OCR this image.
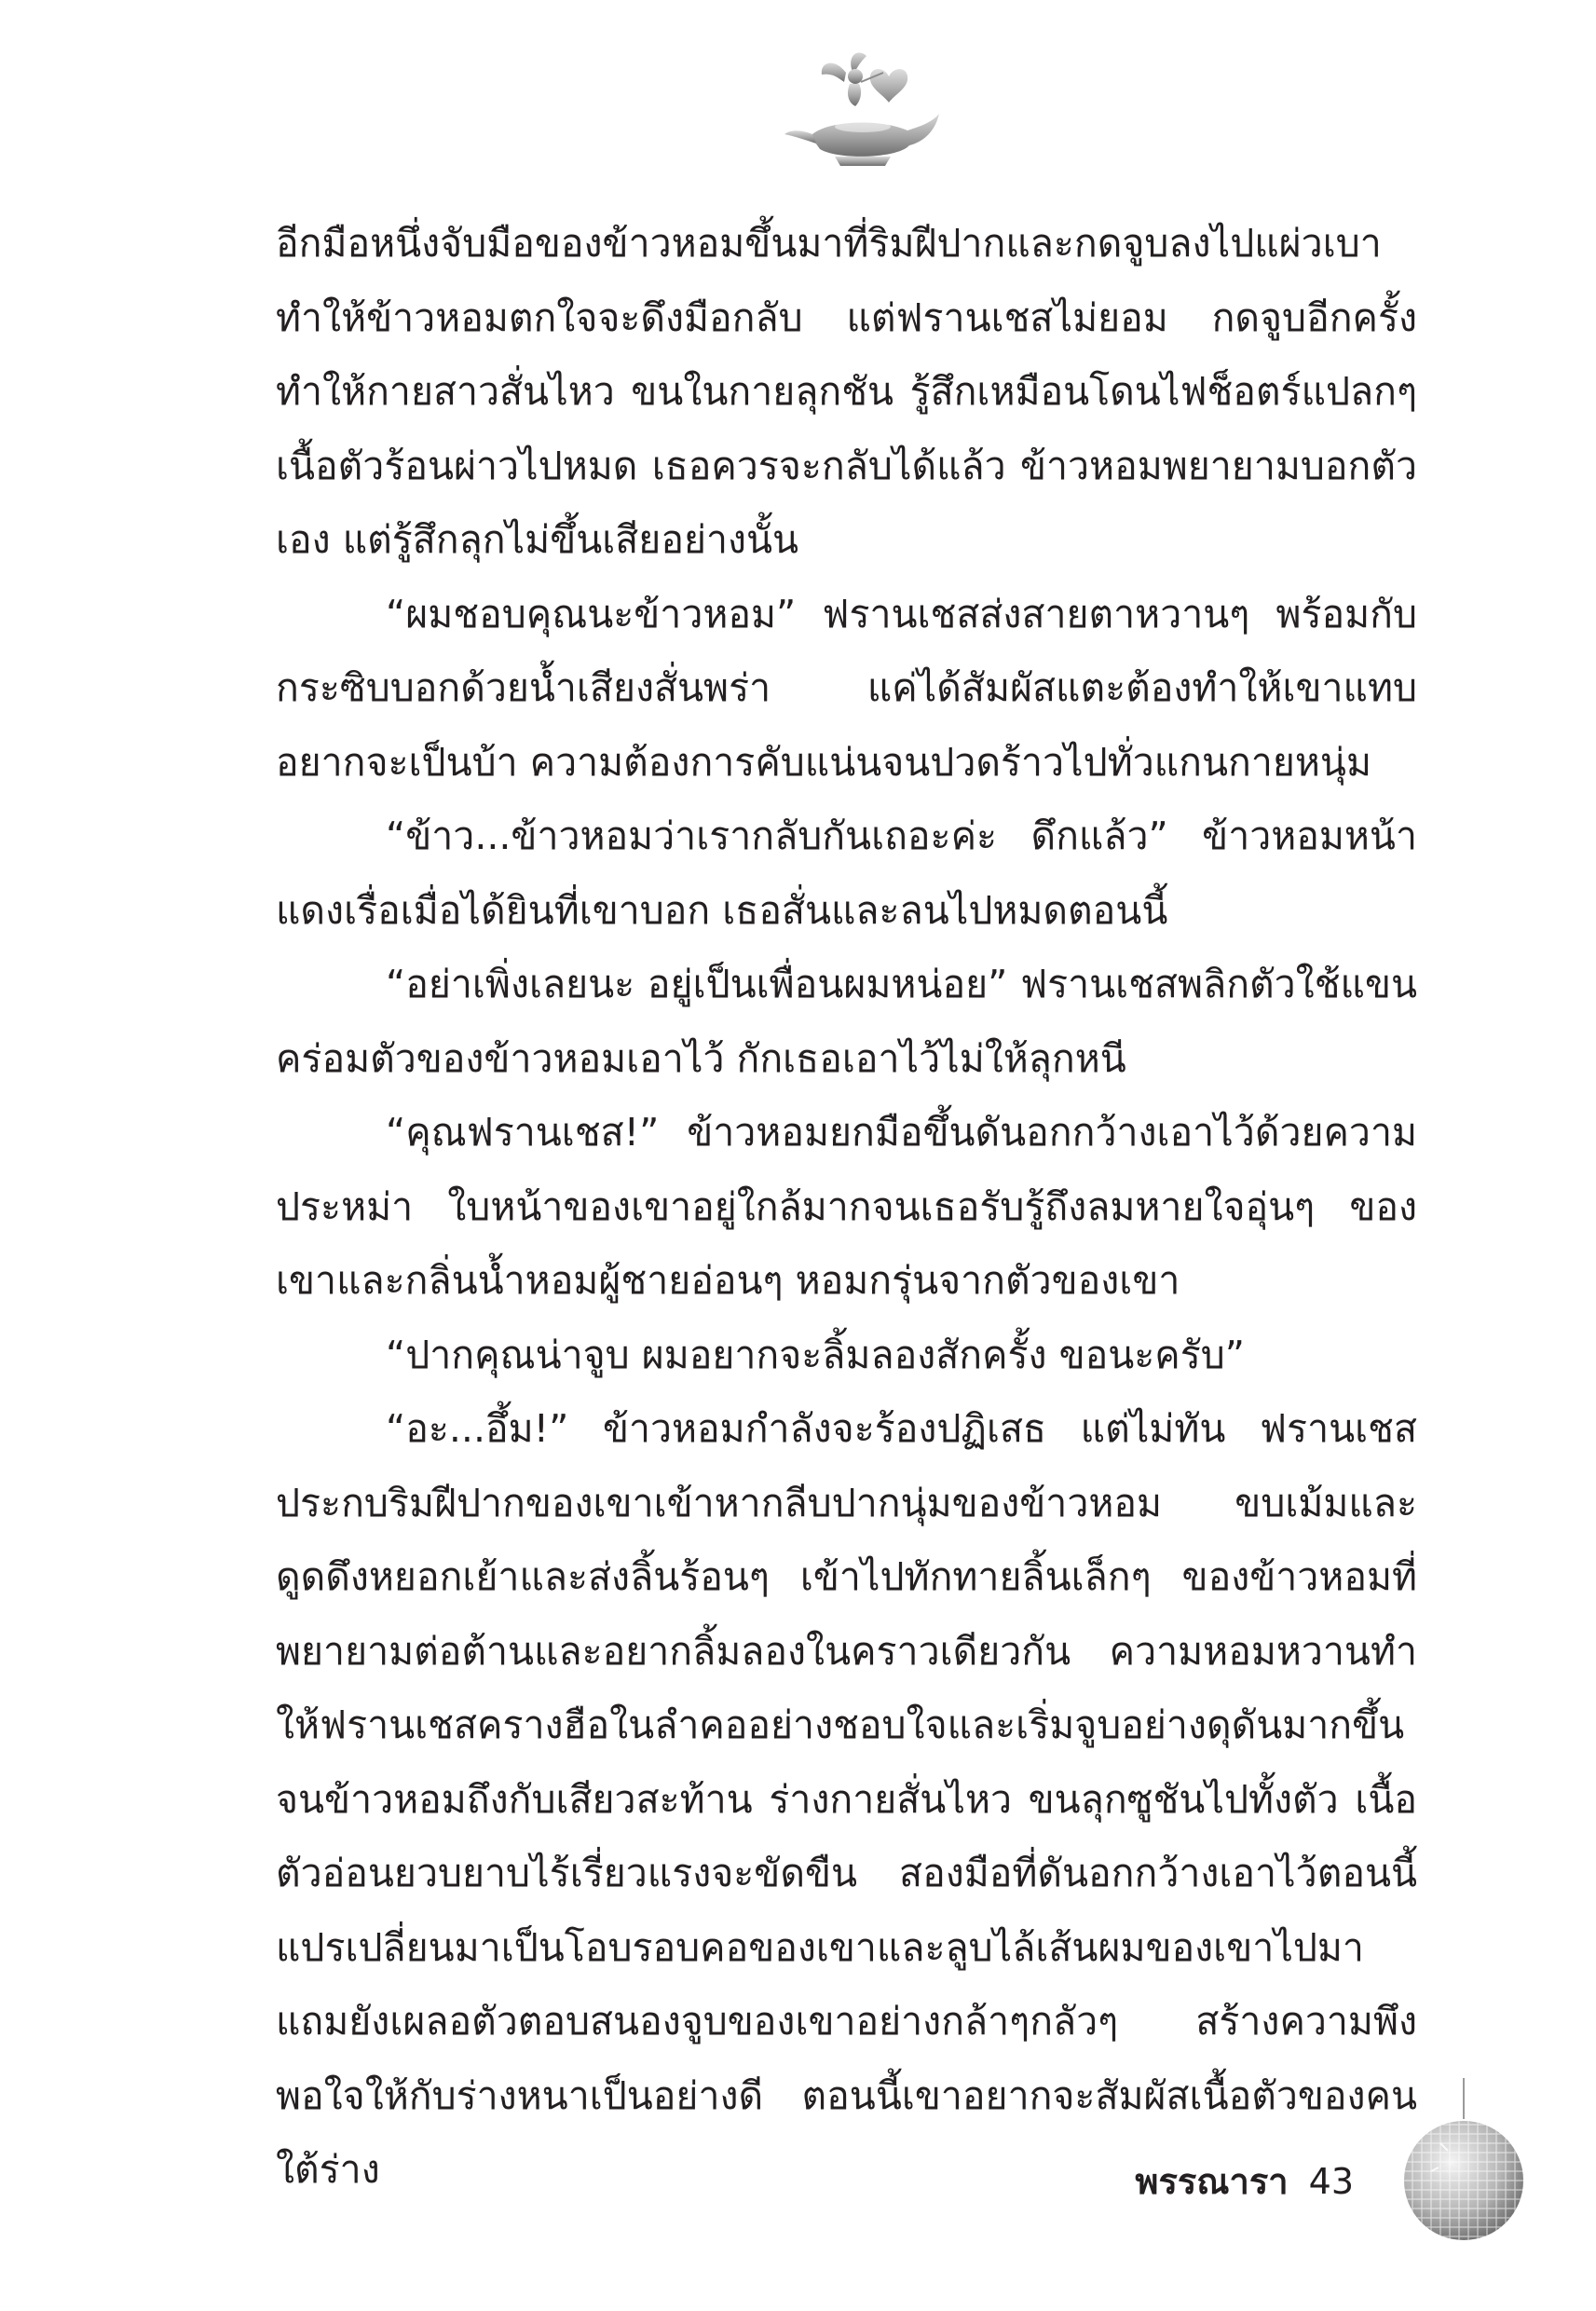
อีกมือหนึ่งจับมือของข้าวหอมขึ้นมาที่ริมฝีปากและกดจูบลงไปแผ่วเบา ทำให้ข้าวหอมตกใจจะดึงมือกลับ แต่ฟรานเชสไม่ยอม กดจูบอีกครั้ง ทำให้กายสาวสั่นไหว ขนในกายลุกชัน รู้สึกเหมือนโดนไฟช็อตร์แปลกๆ เนื้อตัวร้อนผ่าวไปหมด เธอควรจะกลับได้แล้ว ข้าวหอมพยายามบอกตัวเอง แต่รู้สึกลุกไม่ขึ้นเสียอย่างนั้น

“ผมชอบคุณนะข้าวหอม” ฟรานเชสส่งสายตาหวานๆ พร้อมกับกระซิบบอกด้วยน้ำเสียงสั่นพร่า แค่ได้สัมผัสแตะต้องทำให้เขาแทบอยากจะเป็นบ้า ความต้องการคับแน่นจนปวดร้าวไปทั่วแกนกายหนุ่ม

“ข้าว...ข้าวหอมว่าเรากลับกันเถอะค่ะ ดึกแล้ว” ข้าวหอมหน้าแดงเรื่อเมื่อได้ยินที่เขาบอก เธอสั่นและลนไปหมดตอนนี้

“อย่าเพิ่งเลยนะ อยู่เป็นเพื่อนผมหน่อย” ฟรานเชสพลิกตัวใช้แขนคร่อมตัวของข้าวหอมเอาไว้ กักเธอเอาไว้ไม่ให้ลุกหนี

“คุณฟรานเชส!” ข้าวหอมยกมือขึ้นดันอกกว้างเอาไว้ด้วยความประหม่า ใบหน้าของเขาอยู่ใกล้มากจนเธอรับรู้ถึงลมหายใจอุ่นๆ ของเขาและกลิ่นน้ำหอมผู้ชายอ่อนๆ หอมกรุ่นจากตัวของเขา

“ปากคุณน่าจูบ ผมอยากจะลิ้มลองสักครั้ง ขอนะครับ”

“อะ...อึ้ม!” ข้าวหอมกำลังจะร้องปฏิเสธ แต่ไม่ทัน ฟรานเชสประกบริมฝีปากของเขาเข้าหากลีบปากนุ่มของข้าวหอม ขบเม้มและดูดดึงหยอกเย้าและส่งลิ้นร้อนๆ เข้าไปทักทายลิ้นเล็กๆ ของข้าวหอมที่พยายามต่อต้านและอยากลิ้มลองในคราวเดียวกัน ความหอมหวานทำให้ฟรานเชสครางฮือในลำคออย่างชอบใจและเริ่มจูบอย่างดุดันมากขึ้น จนข้าวหอมถึงกับเสียวสะท้าน ร่างกายสั่นไหว ขนลุกซูชันไปทั้งตัว เนื้อตัวอ่อนยวบยาบไร้เรี่ยวแรงจะขัดขืน สองมือที่ดันอกกว้างเอาไว้ตอนนี้แปรเปลี่ยนมาเป็นโอบรอบคอของเขาและลูบไล้เส้นผมของเขาไปมาแถมยังเผลอตัวตอบสนองจูบของเขาอย่างกล้าๆกลัวๆ สร้างความพึงพอใจให้กับร่างหนาเป็นอย่างดี ตอนนี้เขาอยากจะสัมผัสเนื้อตัวของคนใต้ร่าง	พรรณารา 43
